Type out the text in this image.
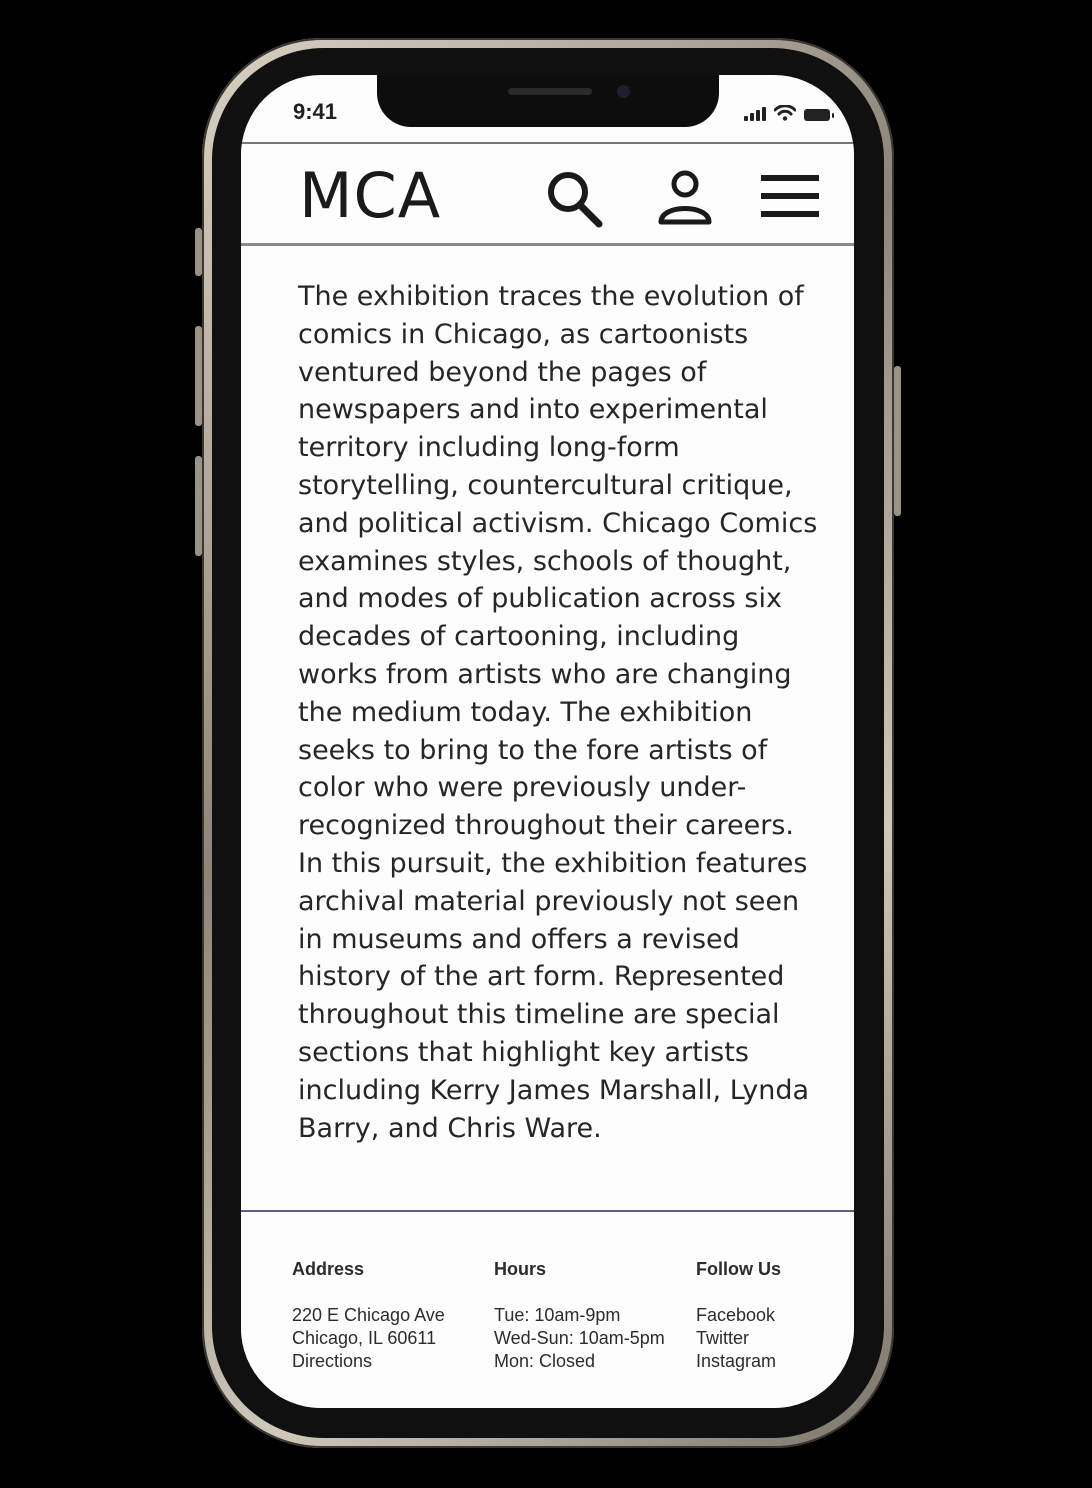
9:41
MCA

The exhibition traces the evolution of comics in Chicago, as cartoonists ventured beyond the pages of newspapers and into experimental territory including long-form storytelling, countercultural critique, and political activism. Chicago Comics examines styles, schools of thought, and modes of publication across six decades of cartooning, including works from artists who are changing the medium today. The exhibition seeks to bring to the fore artists of color who were previously under-recognized throughout their careers. In this pursuit, the exhibition features archival material previously not seen in museums and offers a revised history of the art form. Represented throughout this timeline are special sections that highlight key artists including Kerry James Marshall, Lynda Barry, and Chris Ware.

Address
220 E Chicago Ave
Chicago, IL 60611
Directions
Hours
Tue: 10am-9pm
Wed-Sun: 10am-5pm
Mon: Closed
Follow Us
Facebook
Twitter
Instagram
